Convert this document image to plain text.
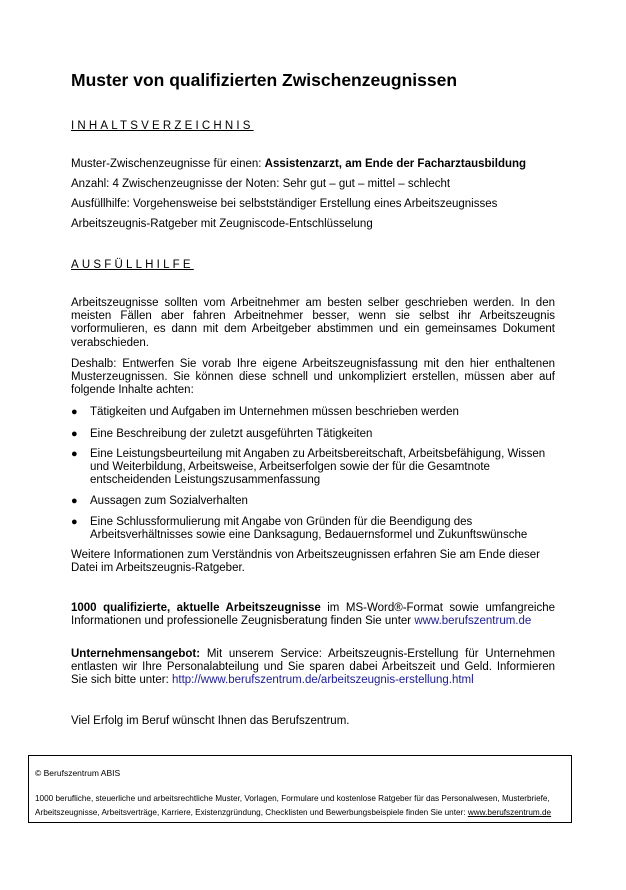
Muster von qualifizierten Zwischenzeugnissen
INHALTSVERZEICHNIS
Muster-Zwischenzeugnisse für einen: Assistenzarzt, am Ende der Facharztausbildung
Anzahl: 4 Zwischenzeugnisse der Noten: Sehr gut – gut – mittel – schlecht
Ausfüllhilfe: Vorgehensweise bei selbstständiger Erstellung eines Arbeitszeugnisses
Arbeitszeugnis-Ratgeber mit Zeugniscode-Entschlüsselung
AUSFÜLLHILFE
Arbeitszeugnisse sollten vom Arbeitnehmer am besten selber geschrieben werden. In den meisten Fällen aber fahren Arbeitnehmer besser, wenn sie selbst ihr Arbeitszeugnis vorformulieren, es dann mit dem Arbeitgeber abstimmen und ein gemeinsames Dokument verabschieden.
Deshalb: Entwerfen Sie vorab Ihre eigene Arbeitszeugnisfassung mit den hier enthaltenen Musterzeugnissen. Sie können diese schnell und unkompliziert erstellen, müssen aber auf folgende Inhalte achten:
● Tätigkeiten und Aufgaben im Unternehmen müssen beschrieben werden
● Eine Beschreibung der zuletzt ausgeführten Tätigkeiten
● Eine Leistungsbeurteilung mit Angaben zu Arbeitsbereitschaft, Arbeitsbefähigung, Wissen und Weiterbildung, Arbeitsweise, Arbeitserfolgen sowie der für die Gesamtnote entscheidenden Leistungszusammenfassung
● Aussagen zum Sozialverhalten
● Eine Schlussformulierung mit Angabe von Gründen für die Beendigung des Arbeitsverhältnisses sowie eine Danksagung, Bedauernsformel und Zukunftswünsche
Weitere Informationen zum Verständnis von Arbeitszeugnissen erfahren Sie am Ende dieser Datei im Arbeitszeugnis-Ratgeber.
1000 qualifizierte, aktuelle Arbeitszeugnisse im MS-Word®-Format sowie umfangreiche Informationen und professionelle Zeugnisberatung finden Sie unter www.berufszentrum.de
Unternehmensangebot: Mit unserem Service: Arbeitszeugnis-Erstellung für Unternehmen entlasten wir Ihre Personalabteilung und Sie sparen dabei Arbeitszeit und Geld. Informieren Sie sich bitte unter: http://www.berufszentrum.de/arbeitszeugnis-erstellung.html
Viel Erfolg im Beruf wünscht Ihnen das Berufszentrum.
© Berufszentrum ABIS
1000 berufliche, steuerliche und arbeitsrechtliche Muster, Vorlagen, Formulare und kostenlose Ratgeber für das Personalwesen, Musterbriefe,
Arbeitszeugnisse, Arbeitsverträge, Karriere, Existenzgründung, Checklisten und Bewerbungsbeispiele finden Sie unter: www.berufszentrum.de
